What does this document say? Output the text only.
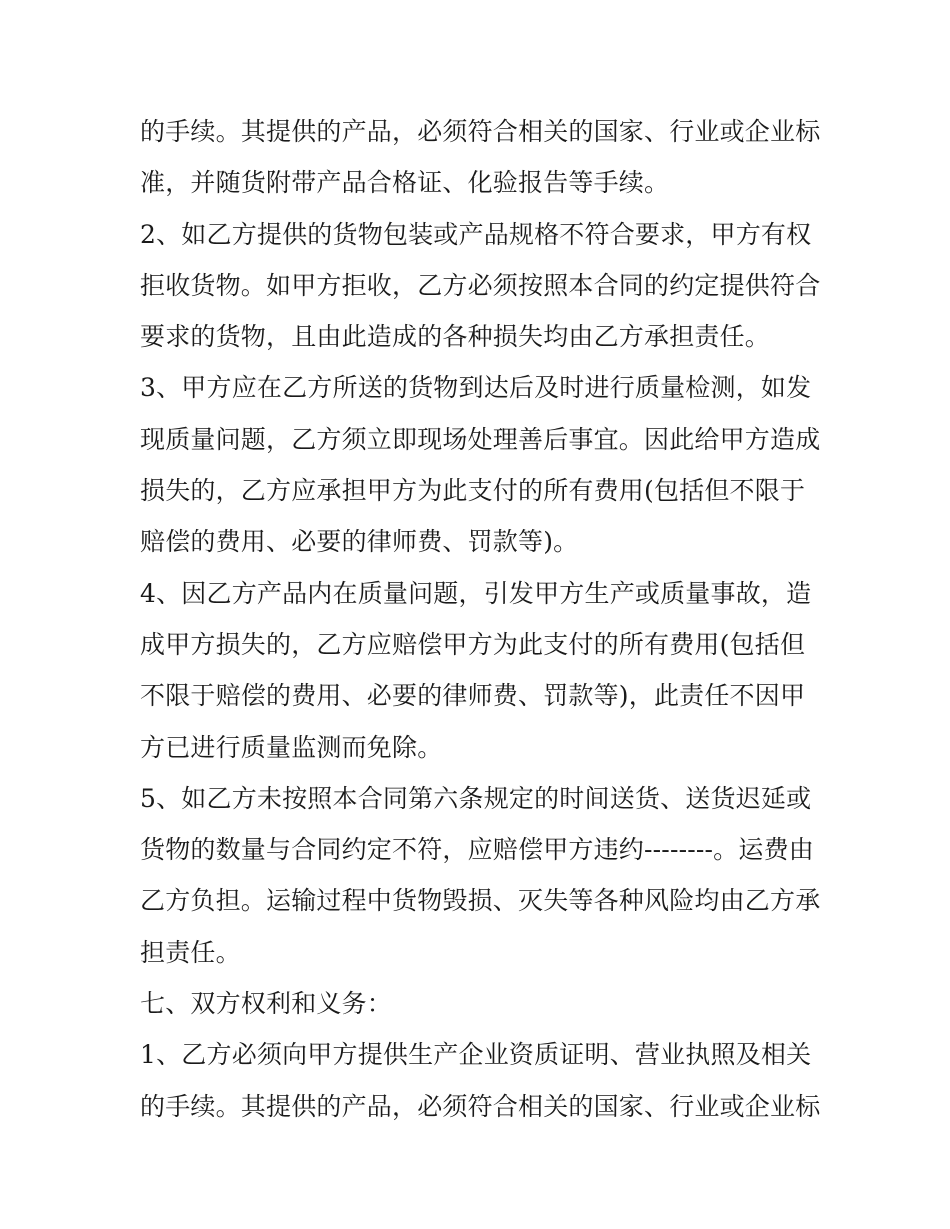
的手续。其提供的产品，必须符合相关的国家、行业或企业标
准，并随货附带产品合格证、化验报告等手续。
2、如乙方提供的货物包装或产品规格不符合要求，甲方有权
拒收货物。如甲方拒收，乙方必须按照本合同的约定提供符合
要求的货物，且由此造成的各种损失均由乙方承担责任。
3、甲方应在乙方所送的货物到达后及时进行质量检测，如发
现质量问题，乙方须立即现场处理善后事宜。因此给甲方造成
损失的，乙方应承担甲方为此支付的所有费用(包括但不限于
赔偿的费用、必要的律师费、罚款等)。
4、因乙方产品内在质量问题，引发甲方生产或质量事故，造
成甲方损失的，乙方应赔偿甲方为此支付的所有费用(包括但
不限于赔偿的费用、必要的律师费、罚款等)，此责任不因甲
方已进行质量监测而免除。
5、如乙方未按照本合同第六条规定的时间送货、送货迟延或
货物的数量与合同约定不符，应赔偿甲方违约--------。运费由
乙方负担。运输过程中货物毁损、灭失等各种风险均由乙方承
担责任。
七、双方权利和义务：
1、乙方必须向甲方提供生产企业资质证明、营业执照及相关
的手续。其提供的产品，必须符合相关的国家、行业或企业标
